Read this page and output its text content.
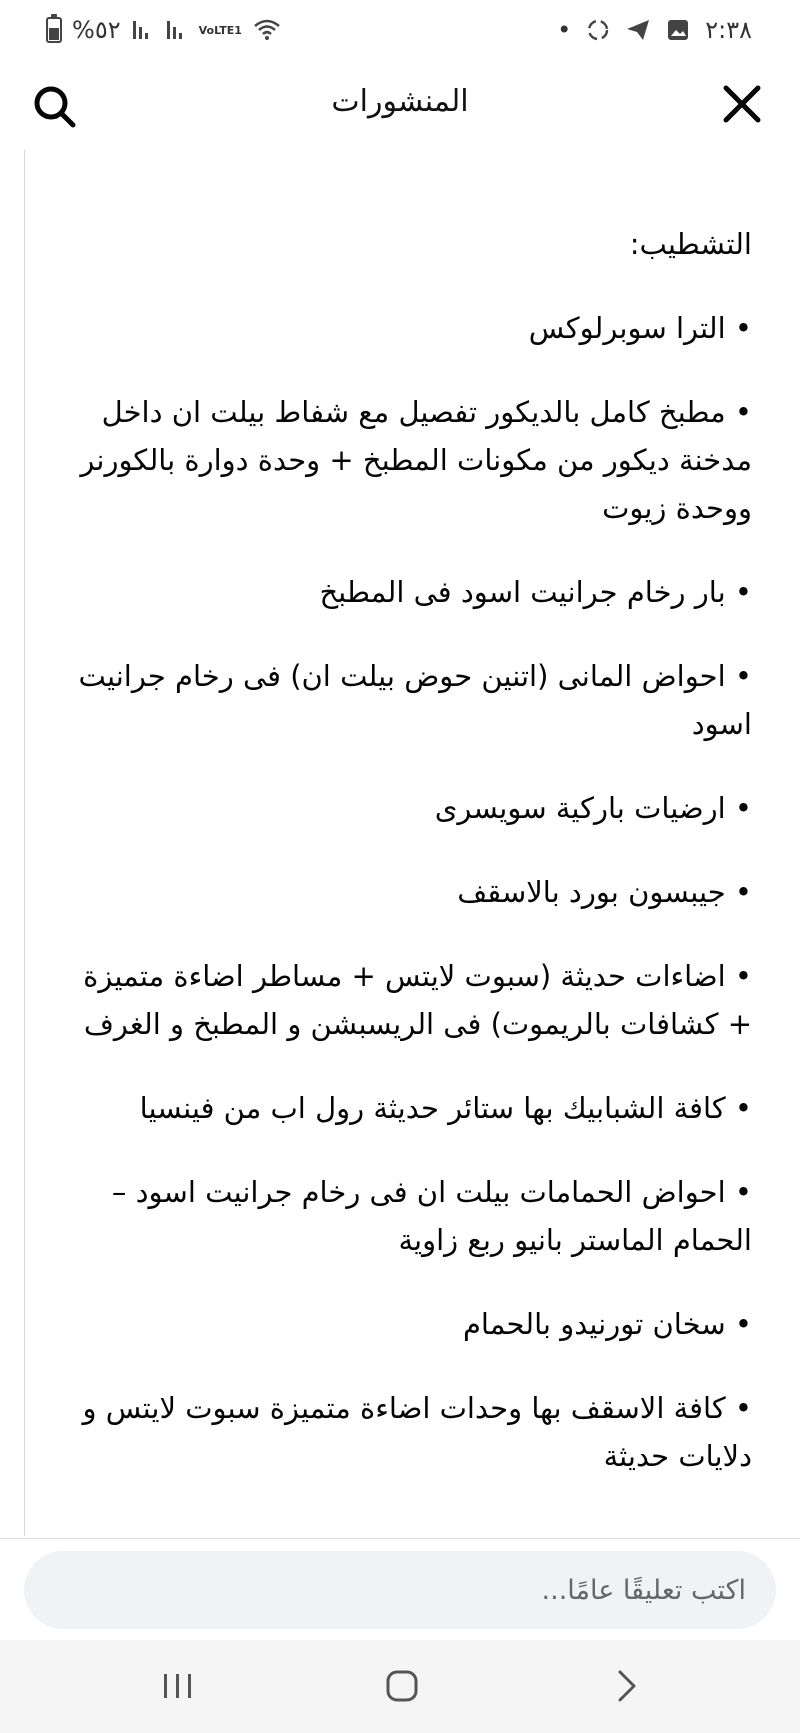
%٥٢	VoLTE1	•	٢:٣٨
المنشورات

التشطيب:

• الترا سوبرلوكس

• مطبخ كامل بالديكور تفصيل مع شفاط بيلت ان داخل مدخنة ديكور من مكونات المطبخ + وحدة دوارة بالكورنر ووحدة زيوت

• بار رخام جرانيت اسود فى المطبخ

• احواض المانى (اتنين حوض بيلت ان) فى رخام جرانيت اسود

• ارضيات باركية سويسرى

• جيبسون بورد بالاسقف

• اضاءات حديثة (سبوت لايتس + مساطر اضاءة متميزة + كشافات بالريموت) فى الريسبشن و المطبخ و الغرف

• كافة الشبابيك بها ستائر حديثة رول اب من فينسيا

• احواض الحمامات بيلت ان فى رخام جرانيت اسود – الحمام الماستر بانيو ربع زاوية

• سخان تورنيدو بالحمام

• كافة الاسقف بها وحدات اضاءة متميزة سبوت لايتس و دلايات حديثة

اكتب تعليقًا عامًا...
